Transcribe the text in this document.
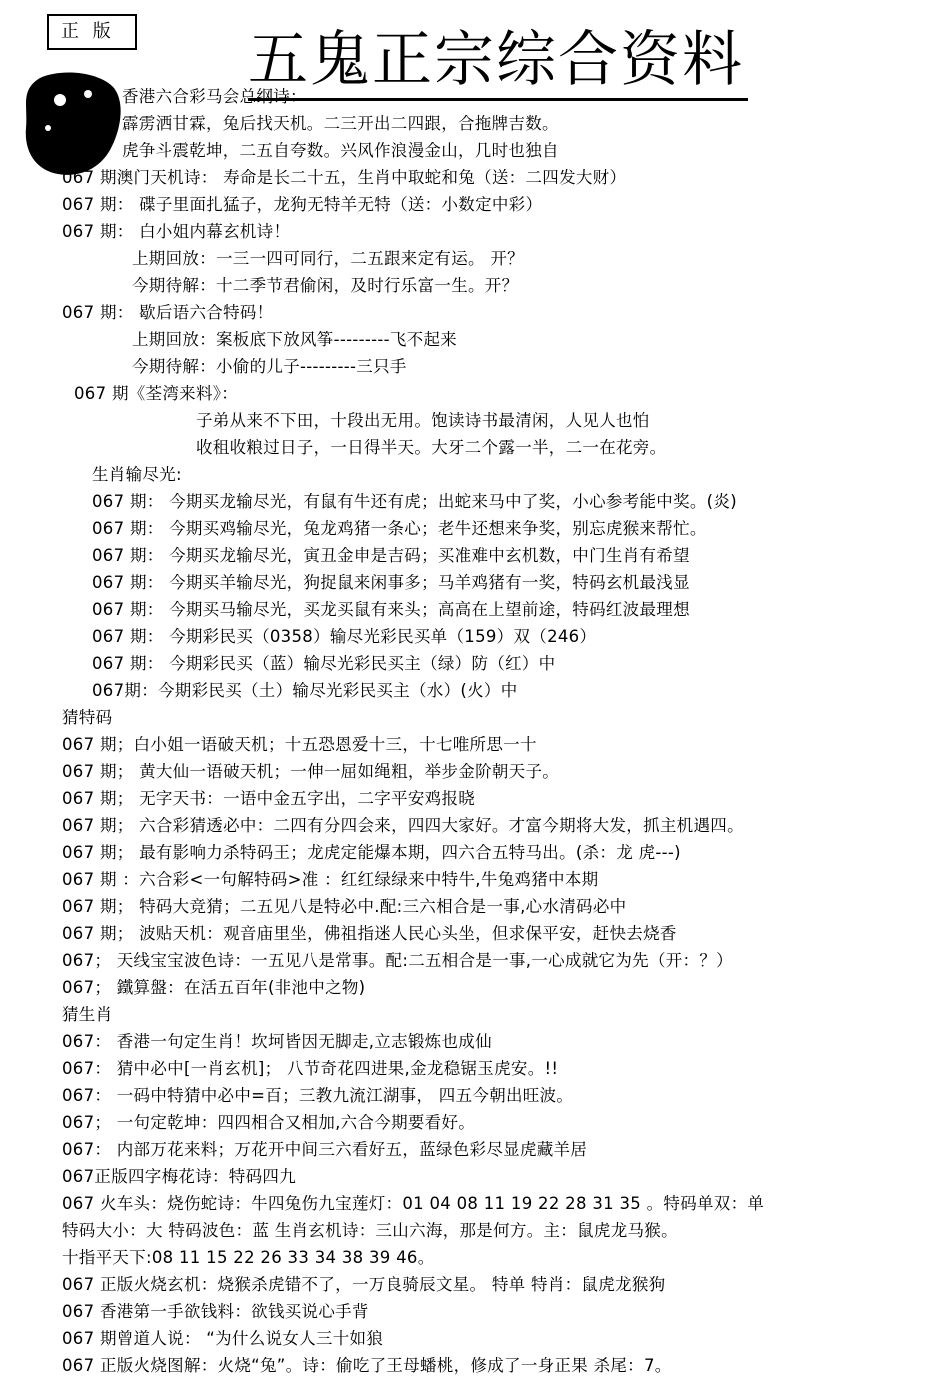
正 版	五鬼正宗综合资料
香港六合彩马会总纲诗：
霹雳洒甘霖，兔后找天机。二三开出二四跟，合拖牌吉数。
虎争斗震乾坤，二五自夸数。兴风作浪漫金山，几时也独自
067 期澳门天机诗： 寿命是长二十五，生肖中取蛇和兔（送：二四发大财）
067 期： 碟子里面扎猛子，龙狗无特羊无特（送：小数定中彩）
067 期： 白小姐内幕玄机诗！
上期回放：一三一四可同行，二五跟来定有运。 开？
今期待解：十二季节君偷闲，及时行乐富一生。开？
067 期： 歇后语六合特码！
上期回放：案板底下放风筝---------飞不起来
今期待解：小偷的儿子---------三只手
067 期《荃湾来料》：
子弟从来不下田，十段出无用。饱读诗书最清闲，人见人也怕
收租收粮过日子，一日得半天。大牙二个露一半，二一在花旁。
生肖输尽光:
067 期： 今期买龙输尽光，有鼠有牛还有虎；出蛇来马中了奖，小心参考能中奖。(炎)
067 期： 今期买鸡输尽光，兔龙鸡猪一条心；老牛还想来争奖，别忘虎猴来帮忙。
067 期： 今期买龙输尽光，寅丑金申是吉码；买准难中玄机数，中门生肖有希望
067 期： 今期买羊输尽光，狗捉鼠来闲事多；马羊鸡猪有一奖，特码玄机最浅显
067 期： 今期买马输尽光，买龙买鼠有来头；高高在上望前途，特码红波最理想
067 期： 今期彩民买（0358）输尽光彩民买单（159）双（246）
067 期： 今期彩民买（蓝）输尽光彩民买主（绿）防（红）中
067期：今期彩民买（土）输尽光彩民买主（水）(火）中
猜特码
067 期；白小姐一语破天机；十五恐恩爱十三，十七唯所思一十
067 期； 黄大仙一语破天机；一伸一屈如绳粗，举步金阶朝天子。
067 期； 无字天书：一语中金五字出，二字平安鸡报晓
067 期； 六合彩猜透必中：二四有分四会来，四四大家好。才富今期将大发，抓主机遇四。
067 期； 最有影响力杀特码王；龙虎定能爆本期，四六合五特马出。(杀：龙 虎---)
067 期 ：六合彩<一句解特码>准 ：红红绿绿来中特牛,牛兔鸡猪中本期
067 期； 特码大竞猜；二五见八是特必中.配:三六相合是一事,心水清码必中
067 期； 波贴天机：观音庙里坐，佛祖指迷人民心头坐，但求保平安，赶快去烧香
067； 天线宝宝波色诗：一五见八是常事。配:二五相合是一事,一心成就它为先（开：？）
067； 鐵算盤：在活五百年(非池中之物)
猜生肖
067： 香港一句定生肖！坎坷皆因无脚走,立志锻炼也成仙
067： 猜中必中[一肖玄机]； 八节奇花四进果,金龙稳锯玉虎安。!!
067： 一码中特猜中必中=百；三教九流江湖事， 四五今朝出旺波。
067； 一句定乾坤：四四相合又相加,六合今期要看好。
067： 内部万花来料；万花开中间三六看好五，蓝绿色彩尽显虎藏羊居
067正版四字梅花诗：特码四九
067 火车头：烧伤蛇诗：牛四兔伤九宝莲灯：01 04 08 11 19 22 28 31 35 。特码单双：单
特码大小：大 特码波色：蓝 生肖玄机诗：三山六海，那是何方。主：鼠虎龙马猴。
十指平天下:08 11 15 22 26 33 34 38 39 46。
067 正版火烧玄机：烧猴杀虎错不了，一万良骑辰文星。 特单 特肖：鼠虎龙猴狗
067 香港第一手欲钱料：欲钱买说心手背
067 期曾道人说： “为什么说女人三十如狼
067 正版火烧图解：火烧“兔”。诗：偷吃了王母蟠桃，修成了一身正果 杀尾：7。
